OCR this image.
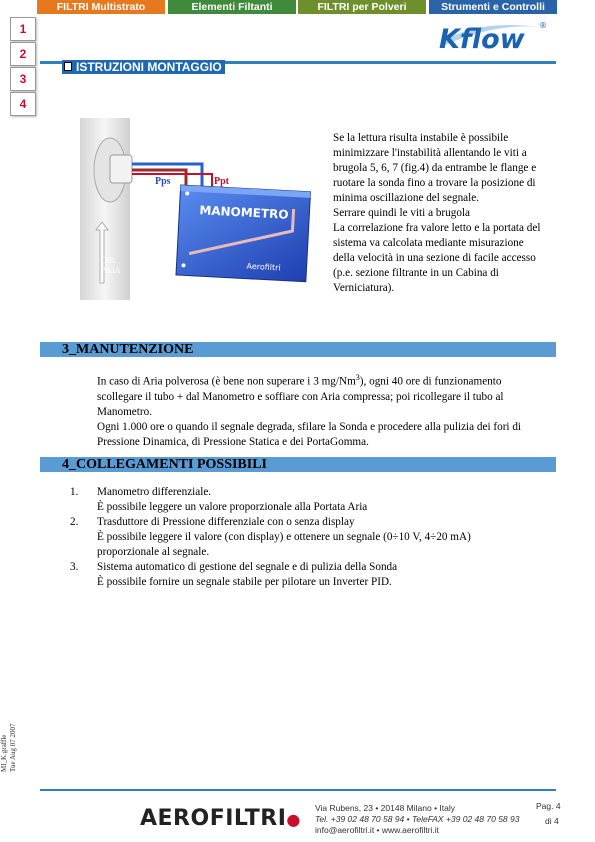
FILTRI Multistrato	Elementi Filtanti	FILTRI per Polveri	Strumenti e Controlli
Kflow ®
1
2
3
4
ISTRUZIONI MONTAGGIO
Pps	Ppt
MANOMETRO
Aerofiltri
DIR.
ARIA
Se la lettura risulta instabile è possibile
minimizzare l'instabilità allentando le viti a
brugola 5, 6, 7 (fig.4) da entrambe le flange e
ruotare la sonda fino a trovare la posizione di
minima oscillazione del segnale.
Serrare quindi le viti a brugola
La correlazione fra valore letto e la portata del
sistema va calcolata mediante misurazione
della velocità in una sezione di facile accesso
(p.e. sezione filtrante in un Cabina di
Verniciatura).
3_MANUTENZIONE
In caso di Aria polverosa (è bene non superare i 3 mg/Nm$^3$), ogni 40 ore di funzionamento
scollegare il tubo + dal Manometro e soffiare con Aria compressa; poi ricollegare il tubo al
Manometro.
Ogni 1.000 ore o quando il segnale degrada, sfilare la Sonda e procedere alla pulizia dei fori di
Pressione Dinamica, di Pressione Statica e dei PortaGomma.
4_COLLEGAMENTI POSSIBILI
1. Manometro differenziale.
È possibile leggere un valore proporzionale alla Portata Aria
2. Trasduttore di Pressione differenziale con o senza display
È possibile leggere il valore (con display) e ottenere un segnale (0÷10 V, 4÷20 mA)
proporzionale al segnale.
3. Sistema automatico di gestione del segnale e di pulizia della Sonda
È possibile fornire un segnale stabile per pilotare un Inverter PID.
MI_K.graffle Tue Aug 07 2007
AEROFILTRI●
Via Rubens, 23 • 20148 Milano • Italy
Tel. +39 02 48 70 58 94 • TeleFAX +39 02 48 70 58 93
info@aerofiltri.it • www.aerofiltri.it
Pag. 4
di 4
